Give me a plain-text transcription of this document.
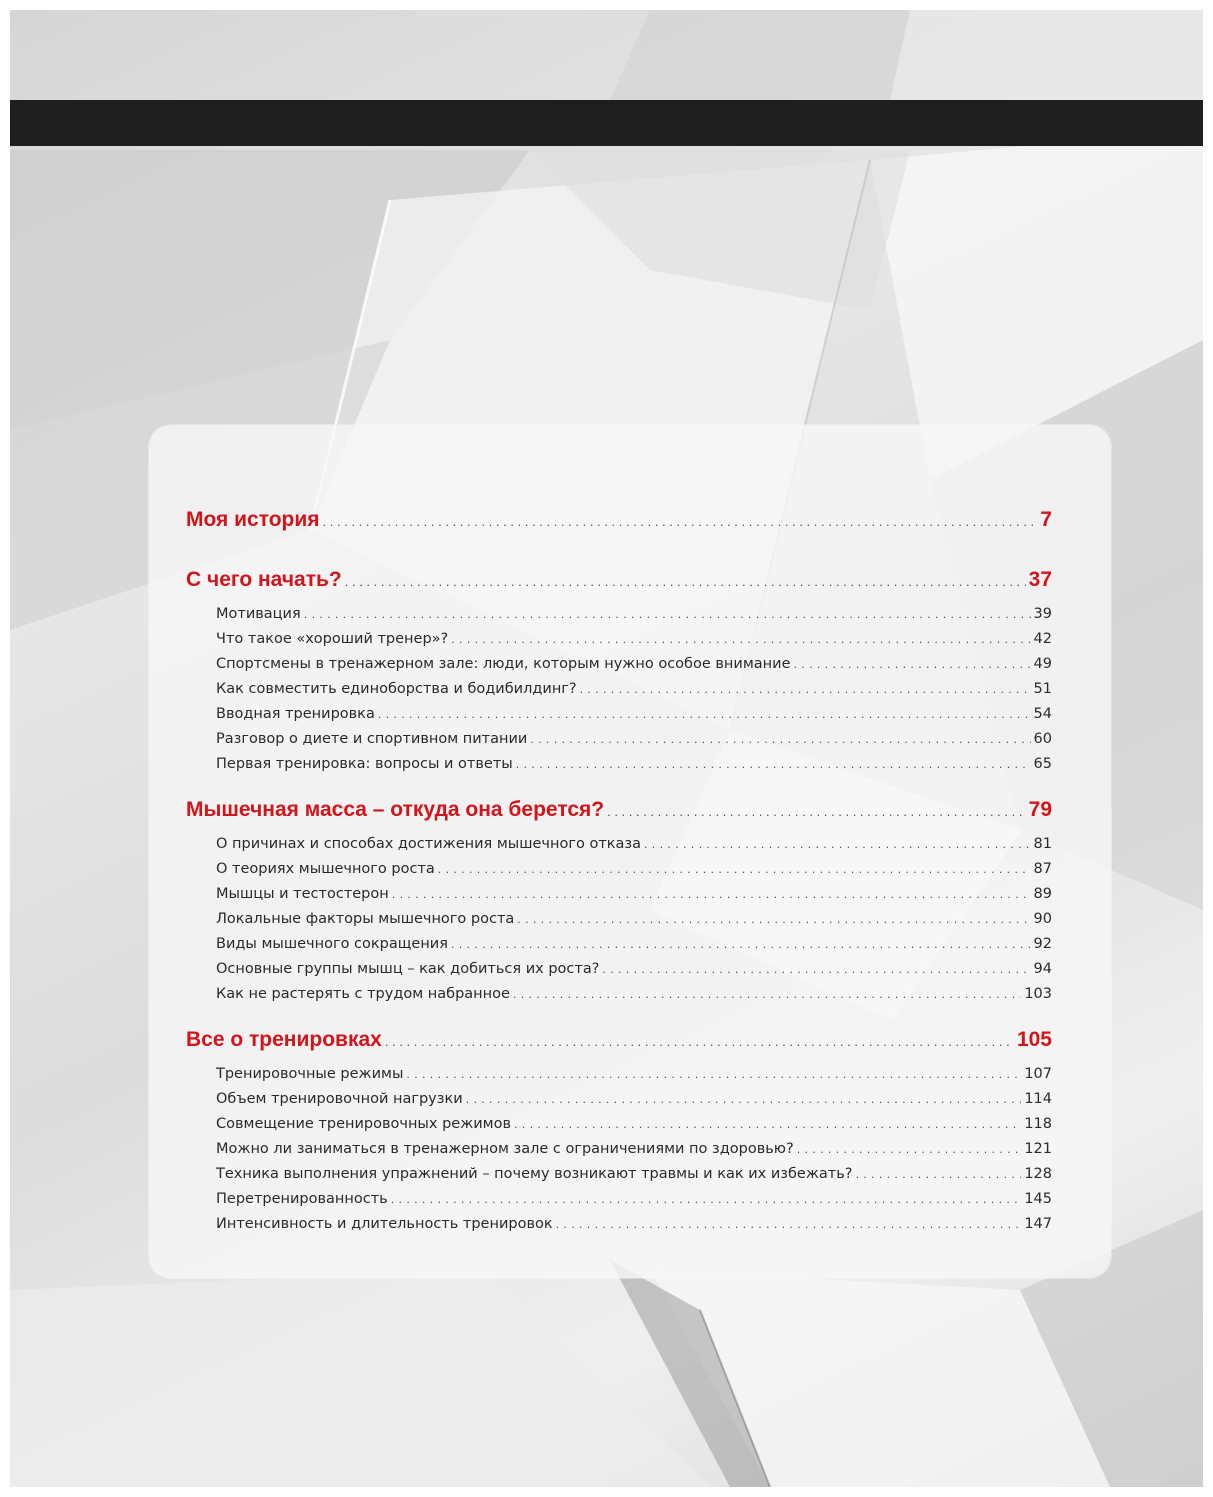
Моя история . . .	7
С чего начать? . . .	37
Мотивация . . .	39
Что такое «хороший тренер»? . . .	42
Спортсмены в тренажерном зале: люди, которым нужно особое внимание . . .	49
Как совместить единоборства и бодибилдинг? . . .	51
Вводная тренировка . . .	54
Разговор о диете и спортивном питании . . .	60
Первая тренировка: вопросы и ответы . . .	65
Мышечная масса – откуда она берется? . . .	79
О причинах и способах достижения мышечного отказа . . .	81
О теориях мышечного роста . . .	87
Мышцы и тестостерон . . .	89
Локальные факторы мышечного роста . . .	90
Виды мышечного сокращения . . .	92
Основные группы мышц – как добиться их роста? . . .	94
Как не растерять с трудом набранное . . .	103
Все о тренировках . . .	105
Тренировочные режимы . . .	107
Объем тренировочной нагрузки . . .	114
Совмещение тренировочных режимов . . .	118
Можно ли заниматься в тренажерном зале с ограничениями по здоровью? . . .	121
Техника выполнения упражнений – почему возникают травмы и как их избежать? . . .	128
Перетренированность . . .	145
Интенсивность и длительность тренировок . . .	147
